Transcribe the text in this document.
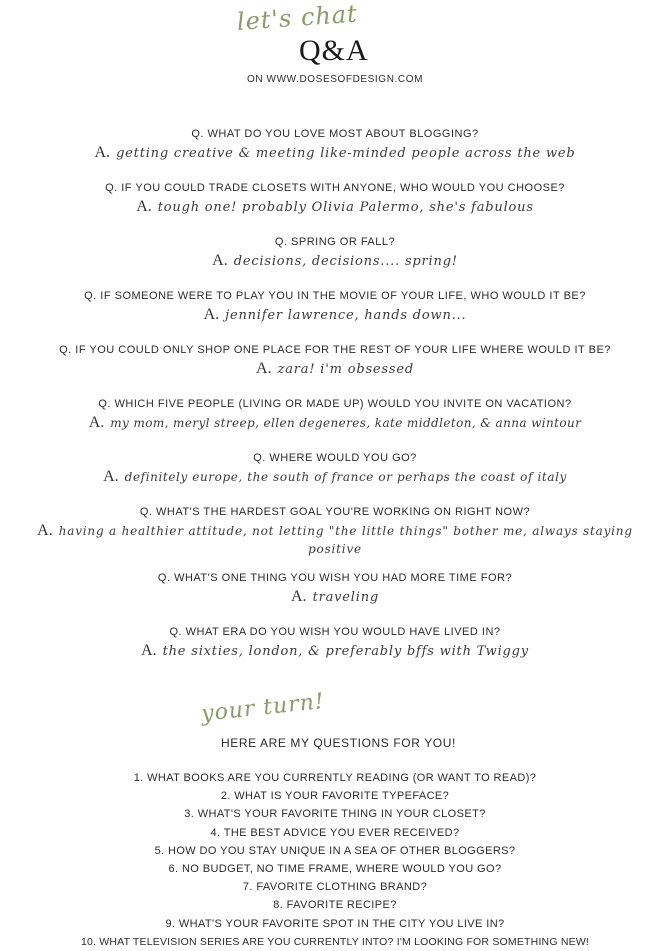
let's chat
Q&A
ON WWW.DOSESOFDESIGN.COM
Q. WHAT DO YOU LOVE MOST ABOUT BLOGGING?
A. getting creative & meeting like-minded people across the web
Q. IF YOU COULD TRADE CLOSETS WITH ANYONE, WHO WOULD YOU CHOOSE?
A. tough one! probably Olivia Palermo, she's fabulous
Q. SPRING OR FALL?
A. decisions, decisions.... spring!
Q. IF SOMEONE WERE TO PLAY YOU IN THE MOVIE OF YOUR LIFE, WHO WOULD IT BE?
A. jennifer lawrence, hands down...
Q. IF YOU COULD ONLY SHOP ONE PLACE FOR THE REST OF YOUR LIFE WHERE WOULD IT BE?
A. zara! i'm obsessed
Q. WHICH FIVE PEOPLE (LIVING OR MADE UP) WOULD YOU INVITE ON VACATION?
A. my mom, meryl streep, ellen degeneres, kate middleton, & anna wintour
Q. WHERE WOULD YOU GO?
A. definitely europe, the south of france or perhaps the coast of italy
Q. WHAT'S THE HARDEST GOAL YOU'RE WORKING ON RIGHT NOW?
A. having a healthier attitude, not letting "the little things" bother me, always staying positive
Q. WHAT'S ONE THING YOU WISH YOU HAD MORE TIME FOR?
A. traveling
Q. WHAT ERA DO YOU WISH YOU WOULD HAVE LIVED IN?
A. the sixties, london, & preferably bffs with Twiggy
your turn!
HERE ARE MY QUESTIONS FOR YOU!
1. WHAT BOOKS ARE YOU CURRENTLY READING (OR WANT TO READ)?
2. WHAT IS YOUR FAVORITE TYPEFACE?
3. WHAT'S YOUR FAVORITE THING IN YOUR CLOSET?
4. THE BEST ADVICE YOU EVER RECEIVED?
5. HOW DO YOU STAY UNIQUE IN A SEA OF OTHER BLOGGERS?
6. NO BUDGET, NO TIME FRAME, WHERE WOULD YOU GO?
7. FAVORITE CLOTHING BRAND?
8. FAVORITE RECIPE?
9. WHAT'S YOUR FAVORITE SPOT IN THE CITY YOU LIVE IN?
10. WHAT TELEVISION SERIES ARE YOU CURRENTLY INTO? I'M LOOKING FOR SOMETHING NEW!
